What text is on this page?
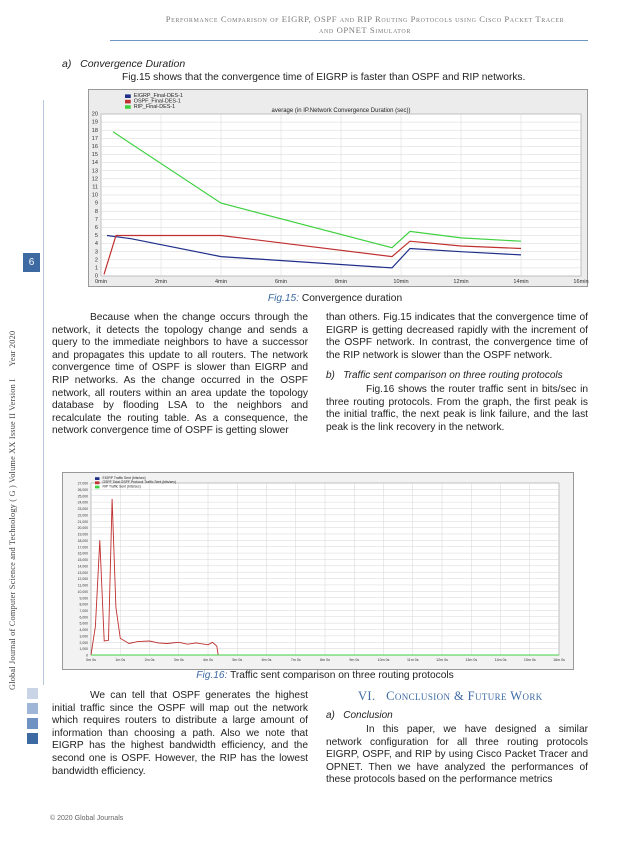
Performance Comparison of EIGRP, OSPF and RIP Routing Protocols using Cisco Packet Tracer
and OPNET Simulator
Global Journal of Computer Science and Technology ( G ) Volume XX Issue II Version I Year 2020
6
a) Convergence Duration
Fig.15 shows that the convergence time of EIGRP is faster than OSPF and RIP networks.
0
1
2
3
4
5
6
7
8
9
10
11
12
13
14
15
16
17
18
19
20
0min	2min	4min	6min	8min	10min	12min	14min	16min
average (in IP.Network Convergence Duration (sec))
EIGRP_Final-DES-1
OSPF_Final-DES-1
RIP_Final-DES-1
Fig.15: Convergence duration
Because when the change occurs through the network, it detects the topology change and sends a query to the immediate neighbors to have a successor and propagates this update to all routers. The network convergence time of OSPF is slower than EIGRP and RIP networks. As the change occurred in the OSPF network, all routers within an area update the topology database by flooding LSA to the neighbors and recalculate the routing table. As a consequence, the network convergence time of OSPF is getting slower
than others. Fig.15 indicates that the convergence time of EIGRP is getting decreased rapidly with the increment of the OSPF network. In contrast, the convergence time of the RIP network is slower than the OSPF network.
b) Traffic sent comparison on three routing protocols
Fig.16 shows the router traffic sent in bits/sec in three routing protocols. From the graph, the first peak is the initial traffic, the next peak is link failure, and the last peak is the link recovery in the network.
0
1,000
2,000
3,000
4,000
5,000
6,000
7,000
8,000
9,000
10,000
11,000
12,000
13,000
14,000
15,000
16,000
17,000
18,000
19,000
20,000
21,000
22,000
23,000
24,000
25,000
26,000
27,000
0m 0s	1m 0s	2m 0s	3m 0s	4m 0s	5m 0s	6m 0s	7m 0s	8m 0s	9m 0s	10m 0s	11m 0s	12m 0s	13m 0s	14m 0s	15m 0s	16m 0s
EIGRP Traffic Sent (bits/sec)
OSPF Total OSPF Protocol Traffic Sent (bits/sec)
RIP Traffic Sent (bits/sec)
Fig.16: Traffic sent comparison on three routing protocols
We can tell that OSPF generates the highest initial traffic since the OSPF will map out the network which requires routers to distribute a large amount of information than choosing a path. Also we note that EIGRP has the highest bandwidth efficiency, and the second one is OSPF. However, the RIP has the lowest bandwidth efficiency.
VI. Conclusion & Future Work
a) Conclusion
In this paper, we have designed a similar network configuration for all three routing protocols EIGRP, OSPF, and RIP by using Cisco Packet Tracer and OPNET. Then we have analyzed the performances of these protocols based on the performance metrics
© 2020 Global Journals
